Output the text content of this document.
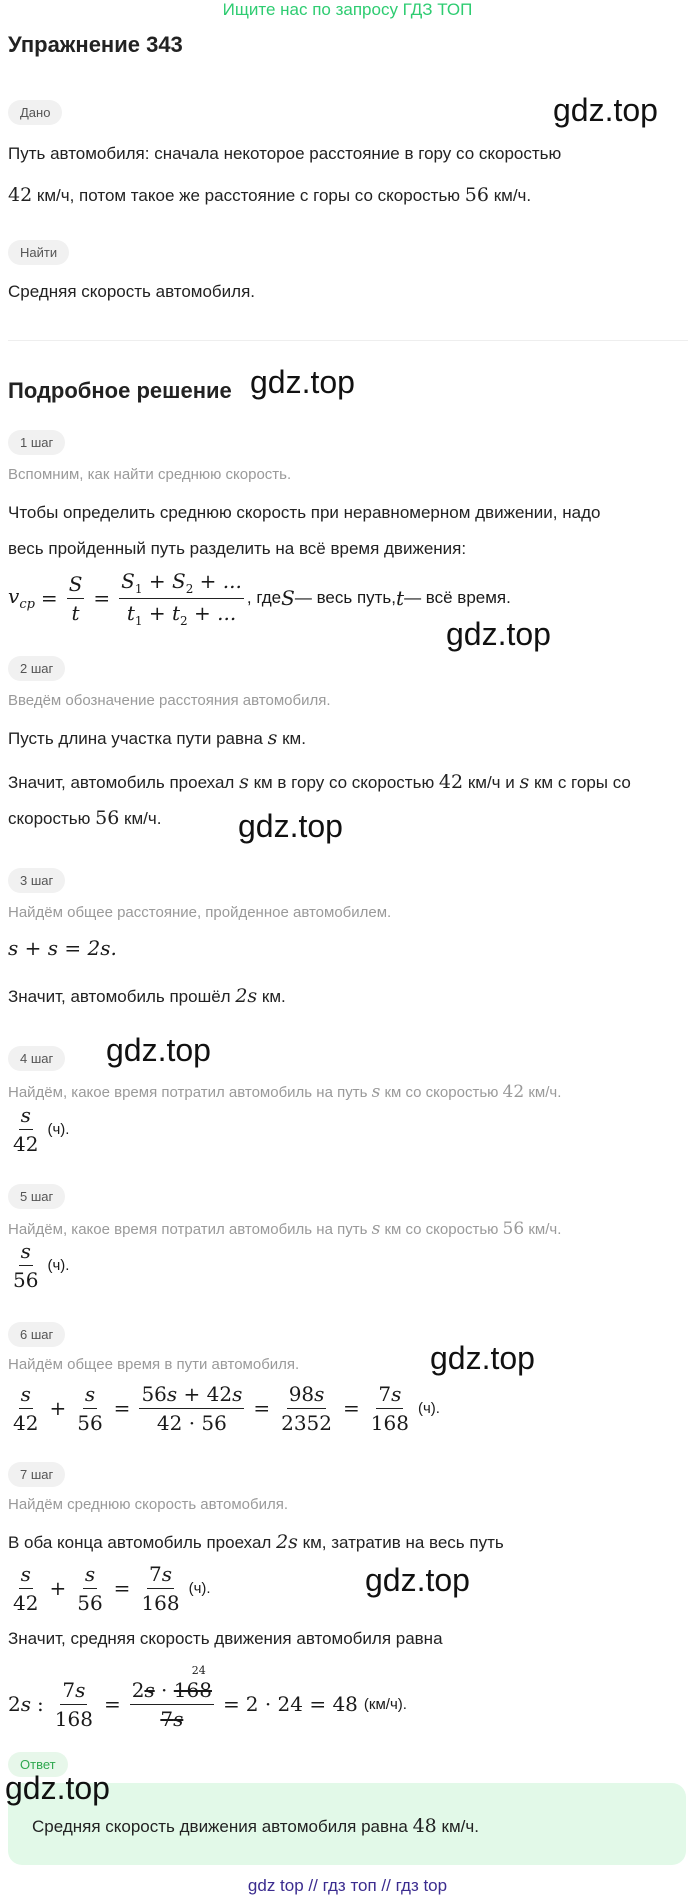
Ищите нас по запросу ГДЗ ТОП
Упражнение 343
Дано	gdz.top
Путь автомобиля: сначала некоторое расстояние в гору со скоростью
42 км/ч, потом такое же расстояние с горы со скоростью 56 км/ч.
Найти
Средняя скорость автомобиля.
Подробное решение gdz.top
1 шаг
Вспомним, как найти среднюю скорость.
Чтобы определить среднюю скорость при неравномерном движении, надо
весь пройденный путь разделить на всё время движения:
$v_{cp} = \frac{S}{t} = \frac{S_1 + S_2 + ...}{t_1 + t_2 + ...}$ , где S — весь путь, t — всё время.
gdz.top
2 шаг
Введём обозначение расстояния автомобиля.
Пусть длина участка пути равна s км.
Значит, автомобиль проехал s км в гору со скоростью 42 км/ч и s км с горы со
скоростью 56 км/ч. gdz.top
3 шаг
Найдём общее расстояние, пройденное автомобилем.
s + s = 2s.
Значит, автомобиль прошёл 2s км.
4 шаг	gdz.top
Найдём, какое время потратил автомобиль на путь s км со скоростью 42 км/ч.
$\frac{s}{42} (ч)$.
5 шаг
Найдём, какое время потратил автомобиль на путь s км со скоростью 56 км/ч.
$\frac{s}{56} (ч)$.
6 шаг
gdz.top
Найдём общее время в пути автомобиля.
$\frac{s}{42} + \frac{s}{56} = \frac{56s + 42s}{42 \cdot 56} = \frac{98s}{2352} = \frac{7s}{168} (ч)$.
7 шаг
Найдём среднюю скорость автомобиля.
В оба конца автомобиль проехал 2s км, затратив на весь путь
$\frac{s}{42} + \frac{s}{56} = \frac{7s}{168} (ч)$.	gdz.top
Значит, средняя скорость движения автомобиля равна
2s : $\frac{7s}{168} = 2s \cdot 168$
24
7s = 2 · 24 = 48 (км/ч).
Ответ
gdz.top
Средняя скорость движения автомобиля равна 48 км/ч.
gdz top // гдз топ // гдз top
